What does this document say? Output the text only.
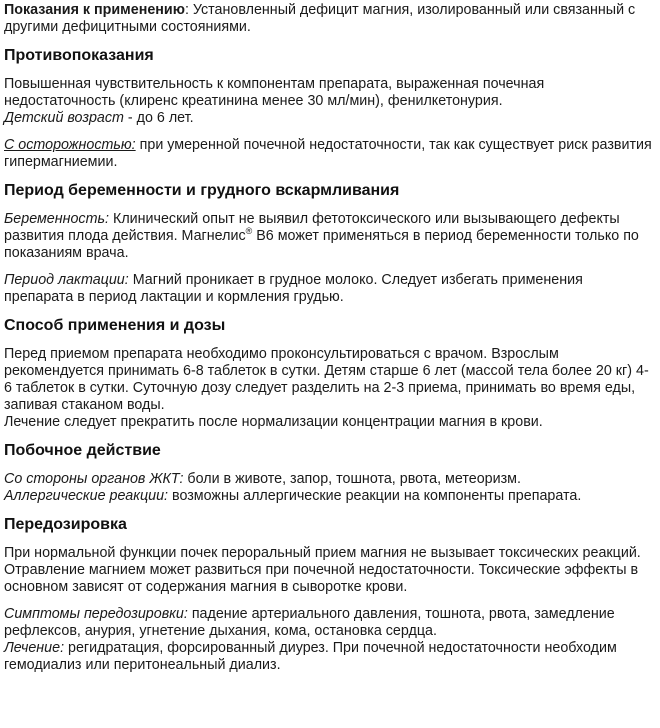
Показания к применению: Установленный дефицит магния, изолированный или связанный с другими дефицитными состояниями.

Противопоказания

Повышенная чувствительность к компонентам препарата, выраженная почечная недостаточность (клиренс креатинина менее 30 мл/мин), фенилкетонурия.

Детский возраст - до 6 лет.

С осторожностью: при умеренной почечной недостаточности, так как существует риск развития гипермагниемии.

Период беременности и грудного вскармливания

Беременность: Клинический опыт не выявил фетотоксического или вызывающего дефекты развития плода действия. Магнелис® В6 может применяться в период беременности только по показаниям врача.

Период лактации: Магний проникает в грудное молоко. Следует избегать применения препарата в период лактации и кормления грудью.

Способ применения и дозы

Перед приемом препарата необходимо проконсультироваться с врачом. Взрослым рекомендуется принимать 6-8 таблеток в сутки. Детям старше 6 лет (массой тела более 20 кг) 4-6 таблеток в сутки. Суточную дозу следует разделить на 2-3 приема, принимать во время еды, запивая стаканом воды.

Лечение следует прекратить после нормализации концентрации магния в крови.

Побочное действие

Со стороны органов ЖКТ: боли в животе, запор, тошнота, рвота, метеоризм.

Аллергические реакции: возможны аллергические реакции на компоненты препарата.

Передозировка

При нормальной функции почек пероральный прием магния не вызывает токсических реакций. Отравление магнием может развиться при почечной недостаточности. Токсические эффекты в основном зависят от содержания магния в сыворотке крови.

Симптомы передозировки: падение артериального давления, тошнота, рвота, замедление рефлексов, анурия, угнетение дыхания, кома, остановка сердца.

Лечение: регидратация, форсированный диурез. При почечной недостаточности необходим гемодиализ или перитонеальный диализ.
